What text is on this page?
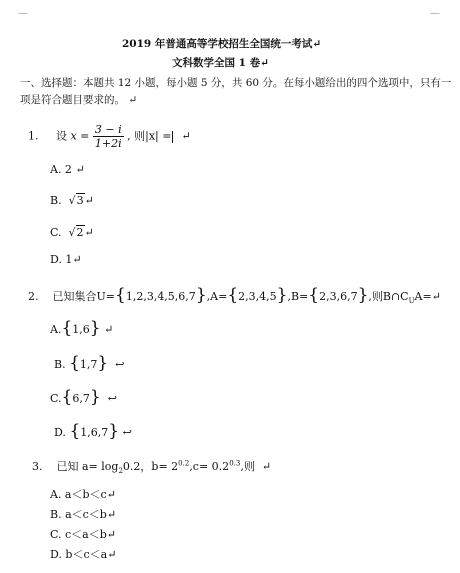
—	—
2019 年普通高等学校招生全国统一考试↵
文科数学全国 1 卷↵
一、选择题：本题共 12 小题，每小题 5 分，共 60 分。在每小题给出的四个选项中，只有一
项是符合题目要求的。 ↵
1. 设 $x = \frac{3 - i}{1+2i}$ , 则|x| = ↵
A. 2 ↵
B.  √3↵
C.  √2↵
D. 1↵
2. 已知集合U={1,2,3,4,5,6,7},A={2,3,4,5},B={2,3,6,7},则$B\cap C_UA=↵$
A.{1,6} ↵
B. {1,7} ↩
C.{6,7} ↩
D. {1,6,7} ↩
3. 已知 $a= \log_20.2$，$b= 2^{0.2},c= 0.2^{0.3}$,则 ↵
A. a＜b＜c↵
B. a＜c＜b↵
C. c＜a＜b↵
D. b＜c＜a↵
